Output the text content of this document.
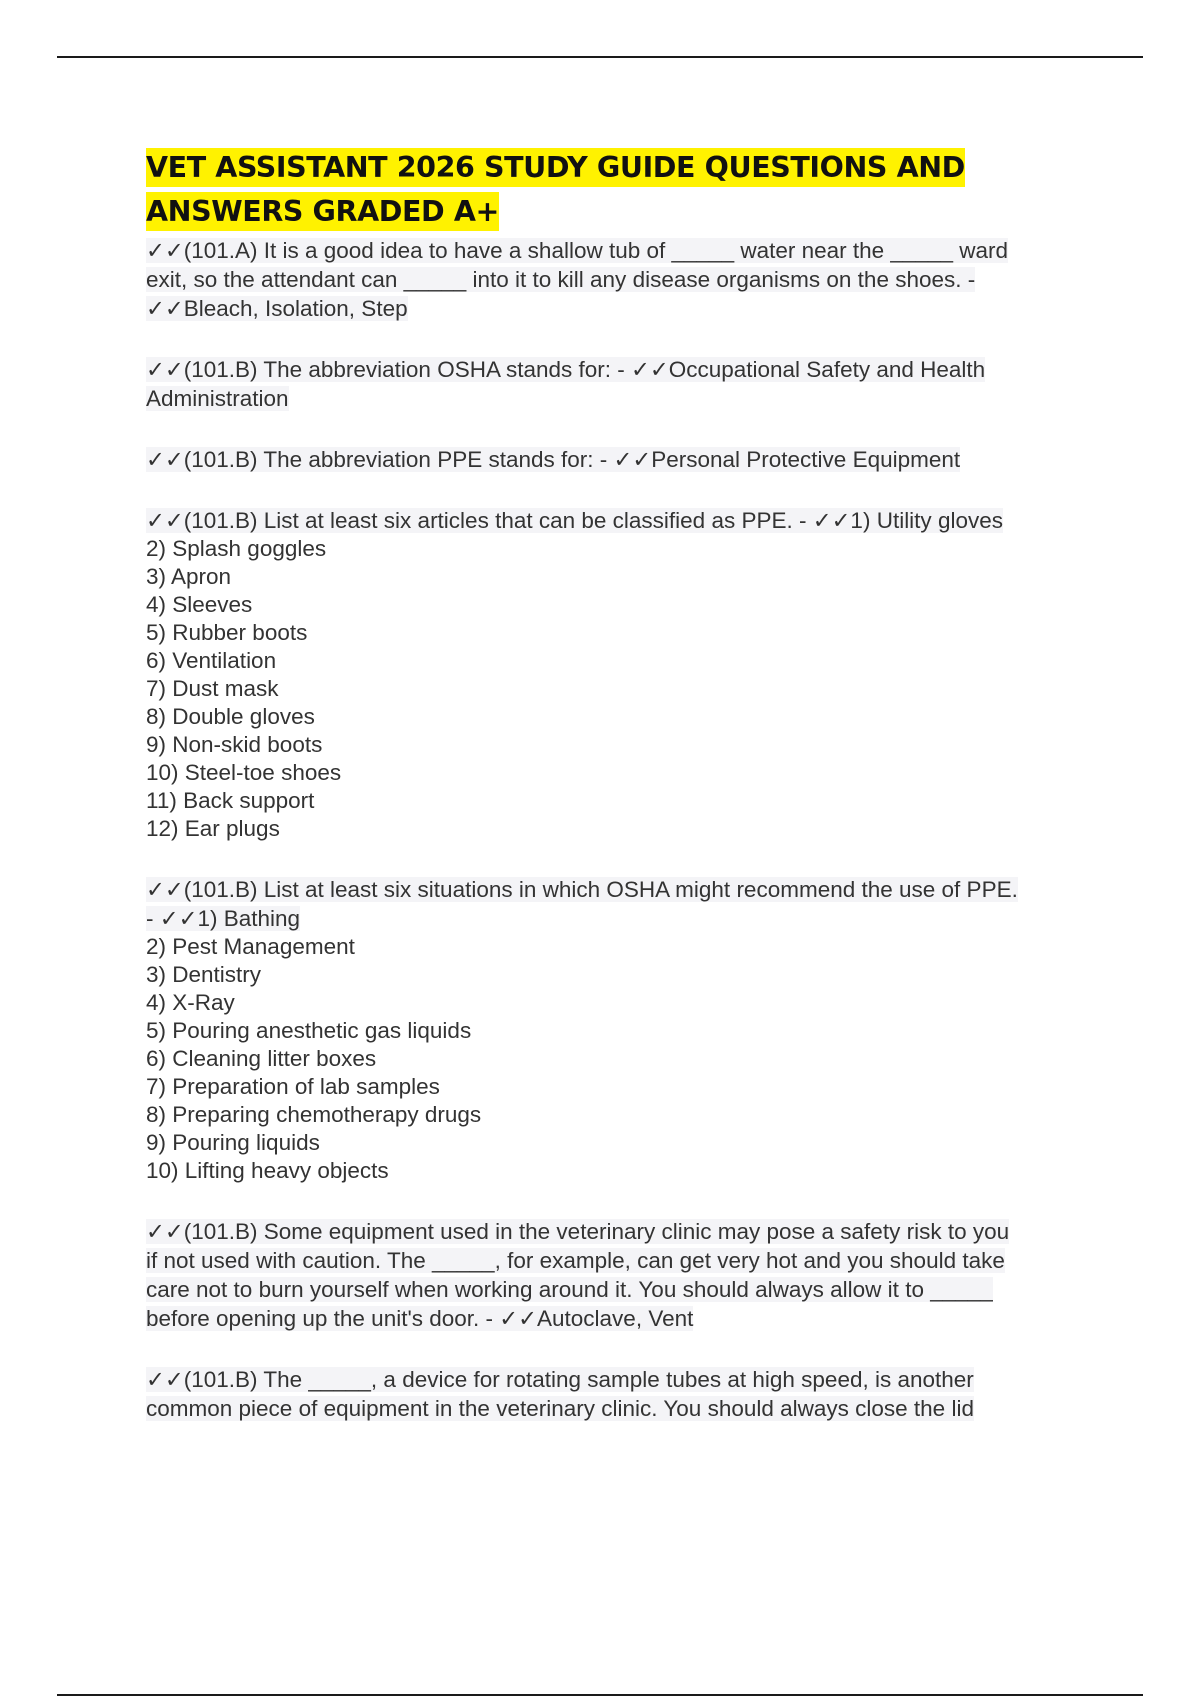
VET ASSISTANT 2026 STUDY GUIDE QUESTIONS AND
ANSWERS GRADED A+
✓✓(101.A) It is a good idea to have a shallow tub of _____ water near the _____ ward
exit, so the attendant can _____ into it to kill any disease organisms on the shoes. -
✓✓Bleach, Isolation, Step
✓✓(101.B) The abbreviation OSHA stands for: - ✓✓Occupational Safety and Health
Administration
✓✓(101.B) The abbreviation PPE stands for: - ✓✓Personal Protective Equipment
✓✓(101.B) List at least six articles that can be classified as PPE. - ✓✓1) Utility gloves
2) Splash goggles
3) Apron
4) Sleeves
5) Rubber boots
6) Ventilation
7) Dust mask
8) Double gloves
9) Non-skid boots
10) Steel-toe shoes
11) Back support
12) Ear plugs
✓✓(101.B) List at least six situations in which OSHA might recommend the use of PPE.
- ✓✓1) Bathing
2) Pest Management
3) Dentistry
4) X-Ray
5) Pouring anesthetic gas liquids
6) Cleaning litter boxes
7) Preparation of lab samples
8) Preparing chemotherapy drugs
9) Pouring liquids
10) Lifting heavy objects
✓✓(101.B) Some equipment used in the veterinary clinic may pose a safety risk to you
if not used with caution. The _____, for example, can get very hot and you should take
care not to burn yourself when working around it. You should always allow it to _____
before opening up the unit's door. - ✓✓Autoclave, Vent
✓✓(101.B) The _____, a device for rotating sample tubes at high speed, is another
common piece of equipment in the veterinary clinic. You should always close the lid
